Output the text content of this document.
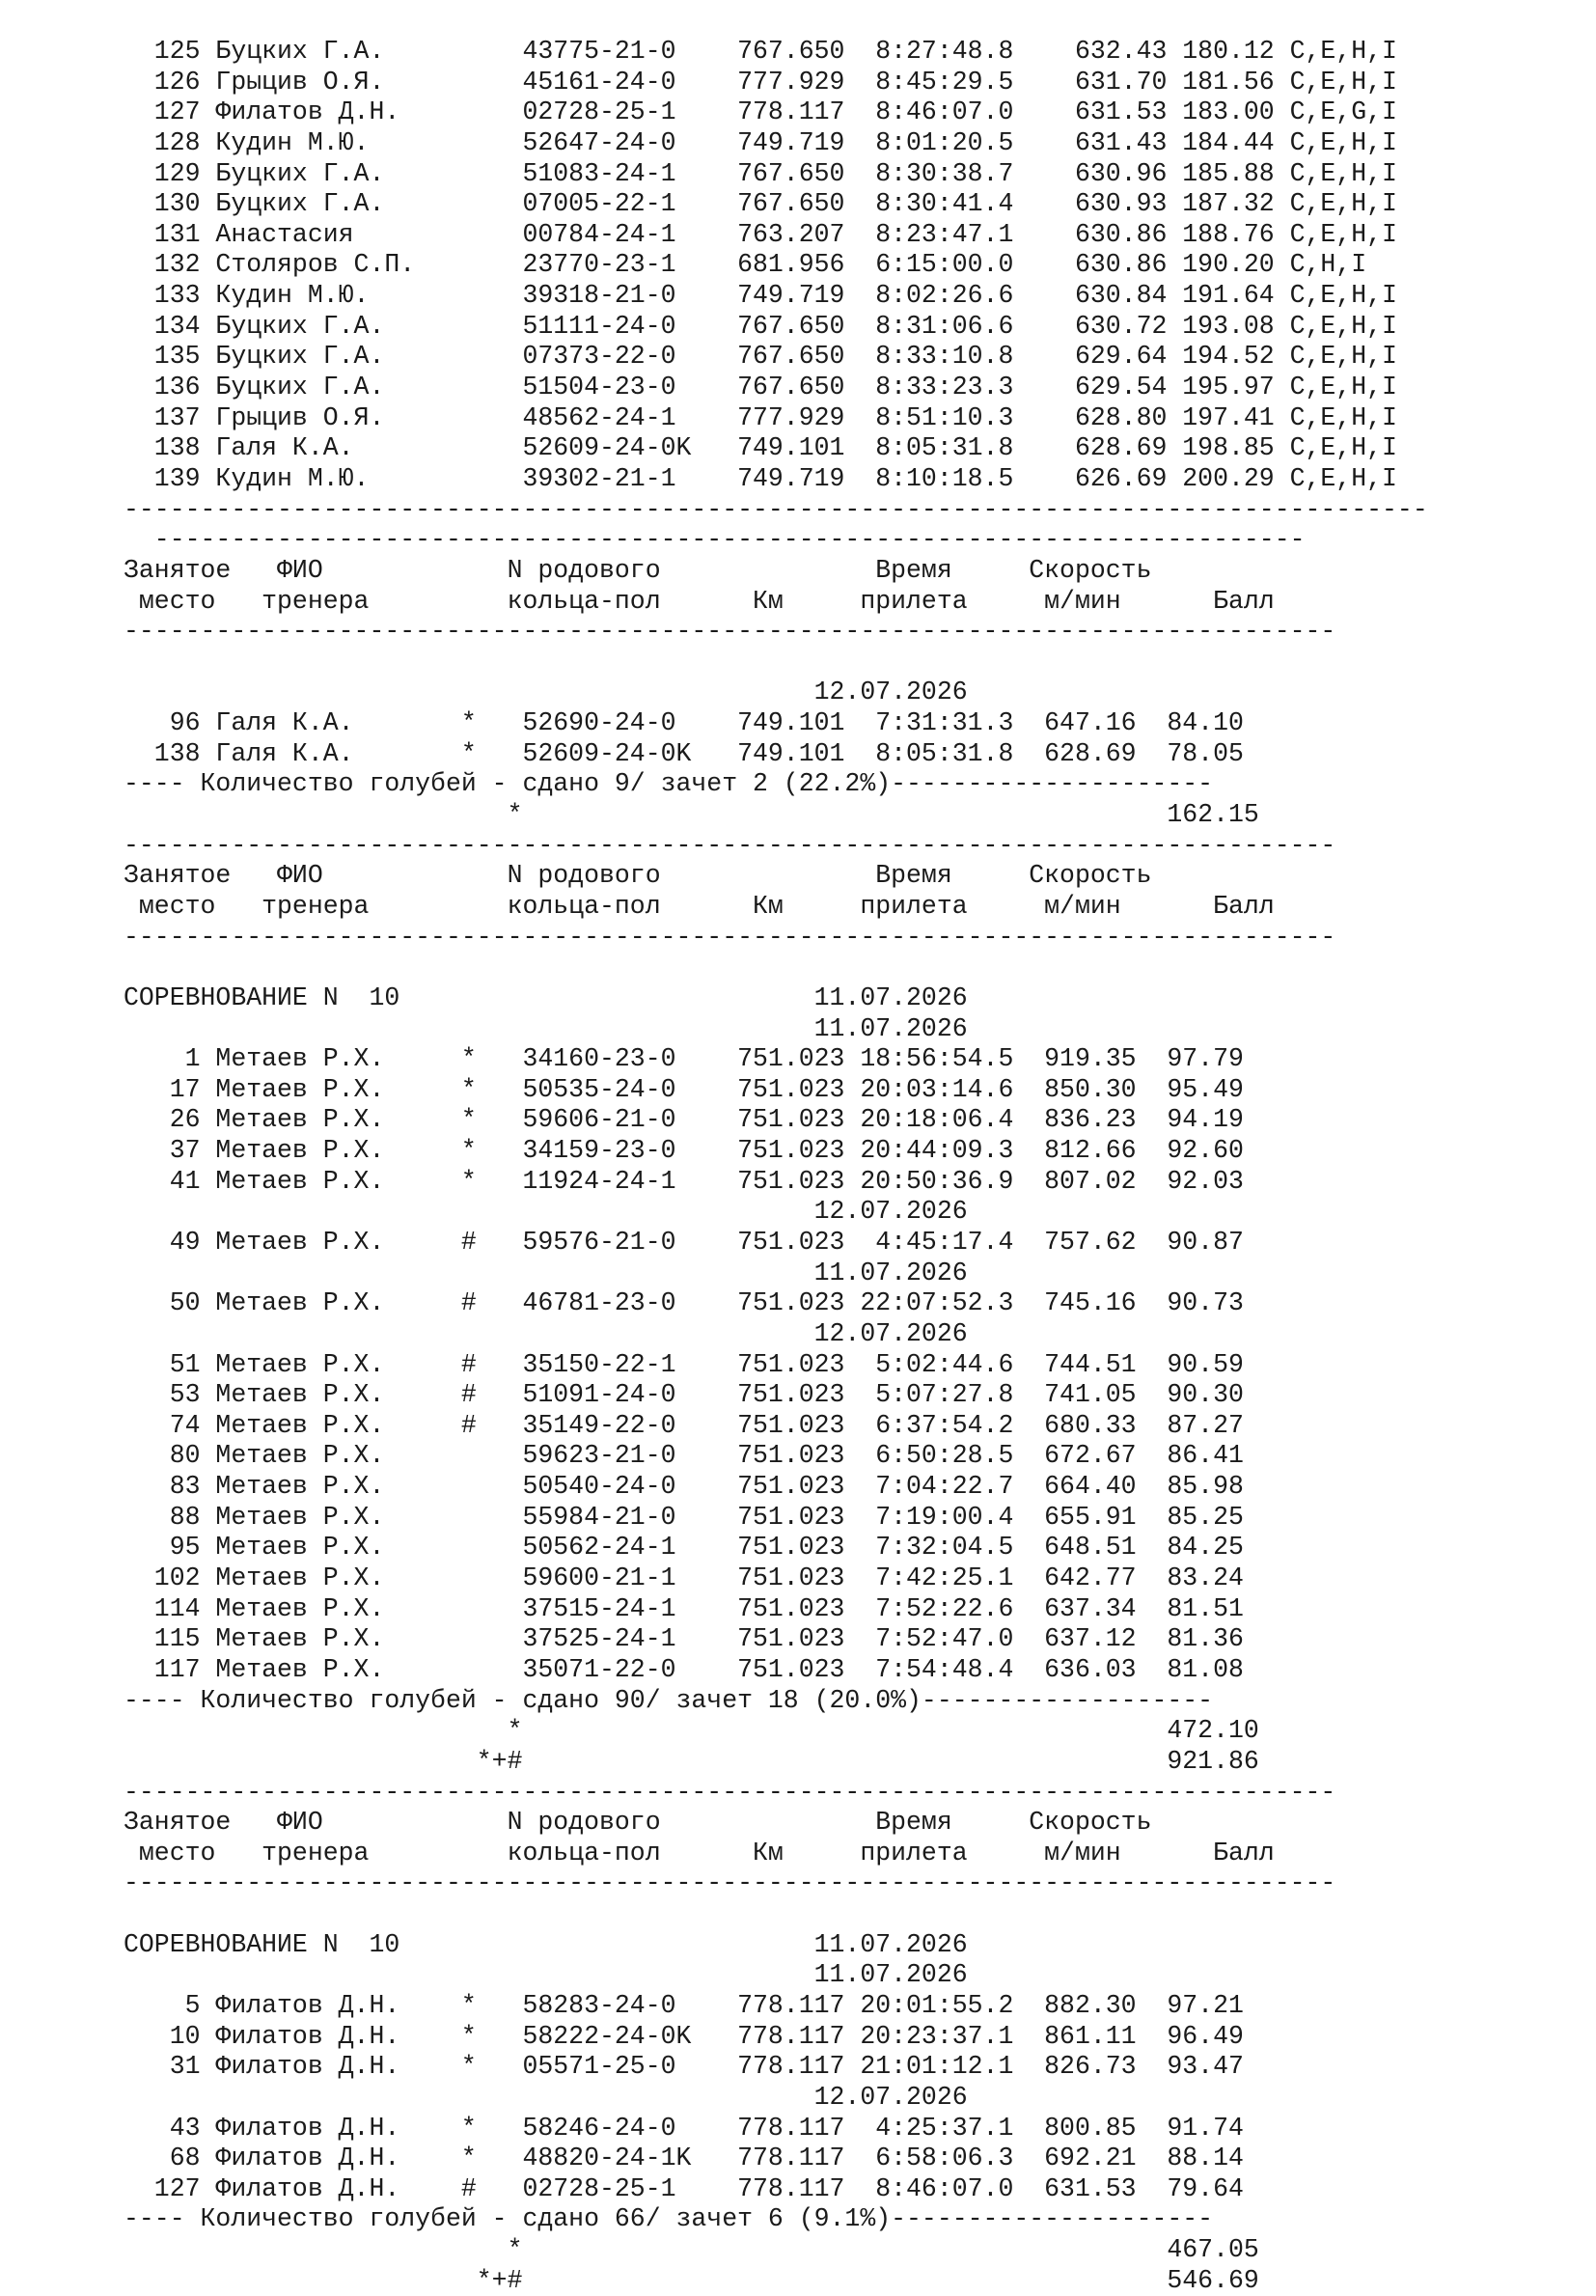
125 Буцких Г.А.         43775-21-0    767.650  8:27:48.8    632.43 180.12 C,E,H,I
126 Грыцив О.Я.         45161-24-0    777.929  8:45:29.5    631.70 181.56 C,E,H,I
127 Филатов Д.Н.        02728-25-1    778.117  8:46:07.0    631.53 183.00 C,E,G,I
128 Кудин М.Ю.          52647-24-0    749.719  8:01:20.5    631.43 184.44 C,E,H,I
129 Буцких Г.А.         51083-24-1    767.650  8:30:38.7    630.96 185.88 C,E,H,I
130 Буцких Г.А.         07005-22-1    767.650  8:30:41.4    630.93 187.32 C,E,H,I
131 Анастасия           00784-24-1    763.207  8:23:47.1    630.86 188.76 C,E,H,I
132 Столяров С.П.       23770-23-1    681.956  6:15:00.0    630.86 190.20 C,H,I
133 Кудин М.Ю.          39318-21-0    749.719  8:02:26.6    630.84 191.64 C,E,H,I
134 Буцких Г.А.         51111-24-0    767.650  8:31:06.6    630.72 193.08 C,E,H,I
135 Буцких Г.А.         07373-22-0    767.650  8:33:10.8    629.64 194.52 C,E,H,I
136 Буцких Г.А.         51504-23-0    767.650  8:33:23.3    629.54 195.97 C,E,H,I
137 Грыцив О.Я.         48562-24-1    777.929  8:51:10.3    628.80 197.41 C,E,H,I
138 Галя К.А.           52609-24-0K   749.101  8:05:31.8    628.69 198.85 C,E,H,I
139 Кудин М.Ю.          39302-21-1    749.719  8:10:18.5    626.69 200.29 C,E,H,I
-------------------------------------------------------------------------------------
---------------------------------------------------------------------------
Занятое   ФИО            N родового              Время     Скорость
место   тренера         кольца-пол      Км     прилета     м/мин      Балл
-------------------------------------------------------------------------------
12.07.2026
96 Галя К.А.       *   52690-24-0    749.101  7:31:31.3  647.16  84.10
138 Галя К.А.       *   52609-24-0K   749.101  8:05:31.8  628.69  78.05
---- Количество голубей - сдано 9/ зачет 2 (22.2%)---------------------
*                                          162.15
-------------------------------------------------------------------------------
Занятое   ФИО            N родового              Время     Скорость
место   тренера         кольца-пол      Км     прилета     м/мин      Балл
-------------------------------------------------------------------------------
СОРЕВНОВАНИЕ N  10                           11.07.2026
11.07.2026
1 Метаев Р.Х.     *   34160-23-0    751.023 18:56:54.5  919.35  97.79
17 Метаев Р.Х.     *   50535-24-0    751.023 20:03:14.6  850.30  95.49
26 Метаев Р.Х.     *   59606-21-0    751.023 20:18:06.4  836.23  94.19
37 Метаев Р.Х.     *   34159-23-0    751.023 20:44:09.3  812.66  92.60
41 Метаев Р.Х.     *   11924-24-1    751.023 20:50:36.9  807.02  92.03
12.07.2026
49 Метаев Р.Х.     #   59576-21-0    751.023  4:45:17.4  757.62  90.87
11.07.2026
50 Метаев Р.Х.     #   46781-23-0    751.023 22:07:52.3  745.16  90.73
12.07.2026
51 Метаев Р.Х.     #   35150-22-1    751.023  5:02:44.6  744.51  90.59
53 Метаев Р.Х.     #   51091-24-0    751.023  5:07:27.8  741.05  90.30
74 Метаев Р.Х.     #   35149-22-0    751.023  6:37:54.2  680.33  87.27
80 Метаев Р.Х.         59623-21-0    751.023  6:50:28.5  672.67  86.41
83 Метаев Р.Х.         50540-24-0    751.023  7:04:22.7  664.40  85.98
88 Метаев Р.Х.         55984-21-0    751.023  7:19:00.4  655.91  85.25
95 Метаев Р.Х.         50562-24-1    751.023  7:32:04.5  648.51  84.25
102 Метаев Р.Х.         59600-21-1    751.023  7:42:25.1  642.77  83.24
114 Метаев Р.Х.         37515-24-1    751.023  7:52:22.6  637.34  81.51
115 Метаев Р.Х.         37525-24-1    751.023  7:52:47.0  637.12  81.36
117 Метаев Р.Х.         35071-22-0    751.023  7:54:48.4  636.03  81.08
---- Количество голубей - сдано 90/ зачет 18 (20.0%)-------------------
*                                          472.10
*+#                                          921.86
-------------------------------------------------------------------------------
Занятое   ФИО            N родового              Время     Скорость
место   тренера         кольца-пол      Км     прилета     м/мин      Балл
-------------------------------------------------------------------------------
СОРЕВНОВАНИЕ N  10                           11.07.2026
11.07.2026
5 Филатов Д.Н.    *   58283-24-0    778.117 20:01:55.2  882.30  97.21
10 Филатов Д.Н.    *   58222-24-0K   778.117 20:23:37.1  861.11  96.49
31 Филатов Д.Н.    *   05571-25-0    778.117 21:01:12.1  826.73  93.47
12.07.2026
43 Филатов Д.Н.    *   58246-24-0    778.117  4:25:37.1  800.85  91.74
68 Филатов Д.Н.    *   48820-24-1K   778.117  6:58:06.3  692.21  88.14
127 Филатов Д.Н.    #   02728-25-1    778.117  8:46:07.0  631.53  79.64
---- Количество голубей - сдано 66/ зачет 6 (9.1%)---------------------
*                                          467.05
*+#                                          546.69
